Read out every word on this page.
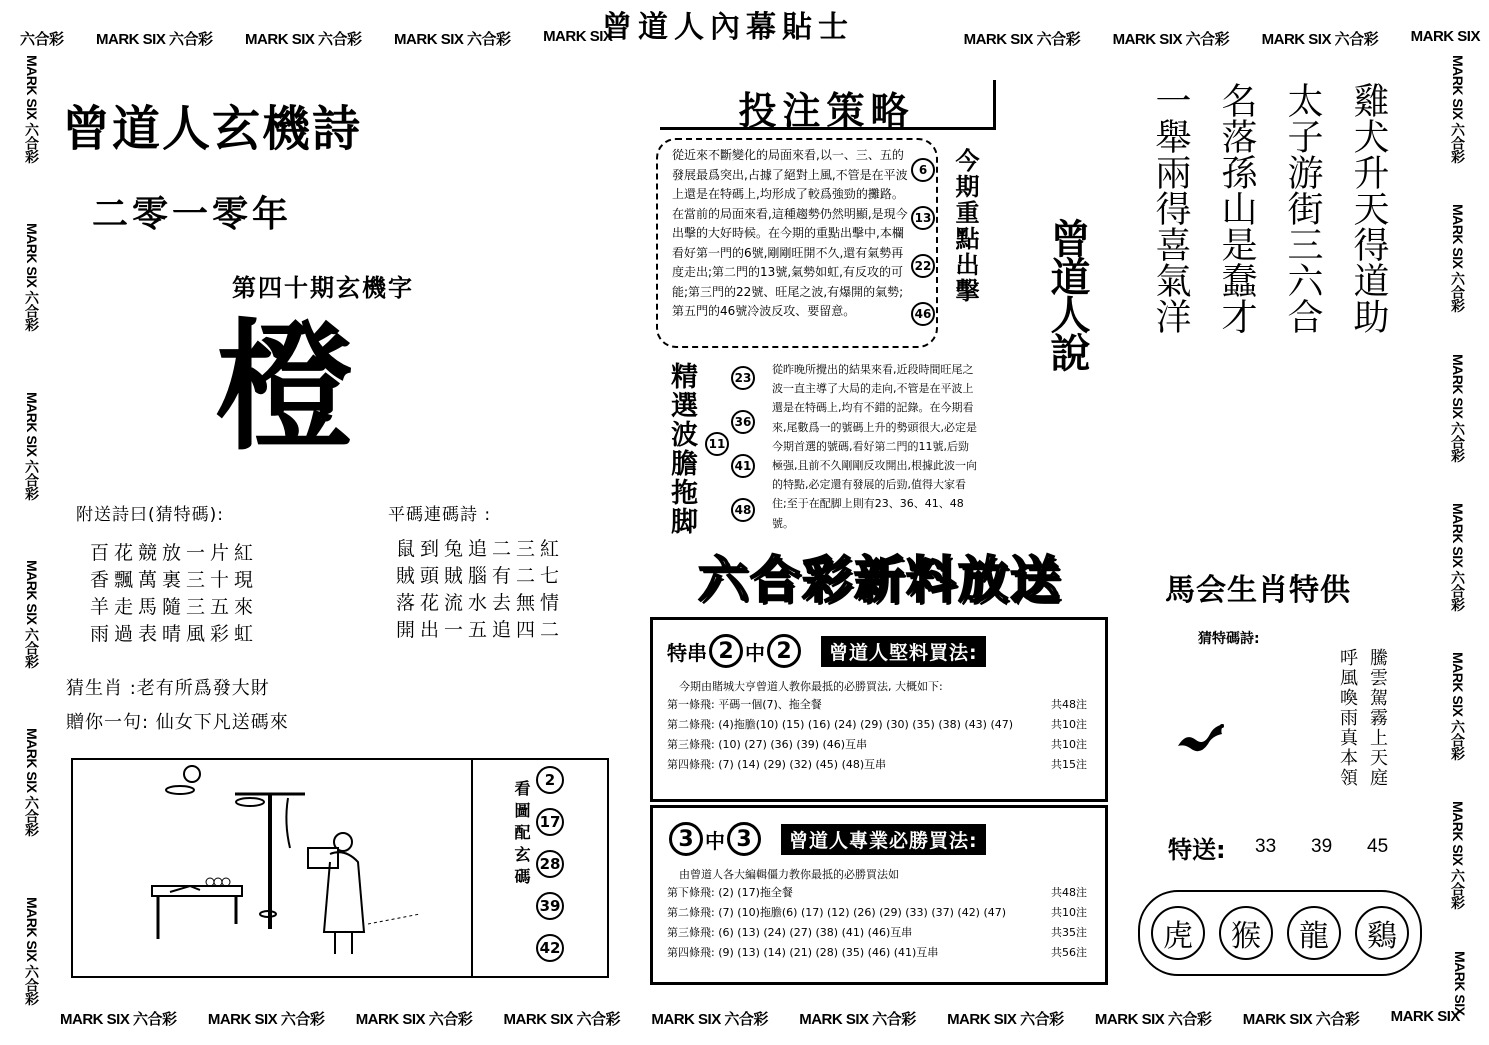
曾道人內幕貼士
六合彩 MARK SIX 六合彩 MARK SIX 六合彩 MARK SIX 六合彩 MARK SIX	MARK SIX 六合彩 MARK SIX 六合彩 MARK SIX 六合彩 MARK SIX
MARK SIX 六合彩 MARK SIX 六合彩 MARK SIX 六合彩 MARK SIX 六合彩 MARK SIX 六合彩 MARK SIX 六合彩 MARK SIX 六合彩 MARK SIX 六合彩 MARK SIX 六合彩 MARK SIX
MARK SIX 六合彩
MARK SIX 六合彩
MARK SIX 六合彩
MARK SIX 六合彩
MARK SIX 六合彩
MARK SIX 六合彩
MARK SIX 六合彩
MARK SIX 六合彩
MARK SIX 六合彩
MARK SIX 六合彩
MARK SIX 六合彩
MARK SIX 六合彩
MARK SIX
曾道人玄機詩
二零一零年
第四十期玄機字
橙
附送詩曰(猜特碼):
百花競放一片紅
香飄萬裏三十現
羊走馬隨三五來
雨過表晴風彩虹
平碼連碼詩 :
鼠到兔追二三紅
賊頭賊腦有二七
落花流水去無情
開出一五追四二
猜生肖 :老有所爲發大財
贈你一句: 仙女下凡送碼來
看圖配玄碼 2
17
28
39
42
投注策略
從近來不斷變化的局面來看,以一、三、五的發展最爲突出,占據了絕對上風,不管是在平波上還是在特碼上,均形成了較爲強勁的攤路。在當前的局面來看,這種趨勢仍然明顯,是現今出擊的大好時候。在今期的重點出擊中,本欄看好第一門的6號,剛剛旺開不久,還有氣勢再度走出;第二門的13號,氣勢如虹,有反攻的可能;第三門的22號、旺尾之波,有爆開的氣勢;第五門的46號冷波反攻、要留意。
6
13
22
46
今期重點出擊
精選波膽拖脚 11
23
36
41
48
從昨晚所攪出的結果來看,近段時間旺尾之波一直主導了大局的走向,不管是在平波上還是在特碼上,均有不錯的記錄。在今期看來,尾數爲一的號碼上升的勢頭很大,必定是今期首選的號碼,看好第二門的11號,后勁極强,且前不久剛剛反攻開出,根據此波一向的特點,必定還有發展的后勁,值得大家看住;至于在配脚上則有23、36、41、48號。
曾道人說	雞犬升天得道助
太子游街三六合
名落孫山是蠢才
一舉兩得喜氣洋
六合彩新料放送
特串 2 中 2	曾道人堅料買法:
今期由賭城大亨曾道人教你最抵的必勝買法, 大概如下:
第一條飛: 平碼一個(7)、拖全餐	共48注
第二條飛: (4)拖膽(10) (15) (16) (24) (29) (30) (35) (38) (43) (47)	共10注
第三條飛: (10) (27) (36) (39) (46)互串	共10注
第四條飛: (7) (14) (29) (32) (45) (48)互串	共15注
3 中 3	曾道人專業必勝買法:
由曾道人各大編輯僵力教你最抵的必勝買法如
第下條飛: (2) (17)拖全餐	共48注
第二條飛: (7) (10)拖膽(6) (17) (12) (26) (29) (33) (37) (42) (47)	共10注
第三條飛: (6) (13) (24) (27) (38) (41) (46)互串	共35注
第四條飛: (9) (13) (14) (21) (28) (35) (46) (41)互串	共56注
馬会生肖特供
猜特碼詩:
騰雲駕霧上天庭
呼風喚雨真本領
特送: 33 39 45
虎	猴	龍	鷄
